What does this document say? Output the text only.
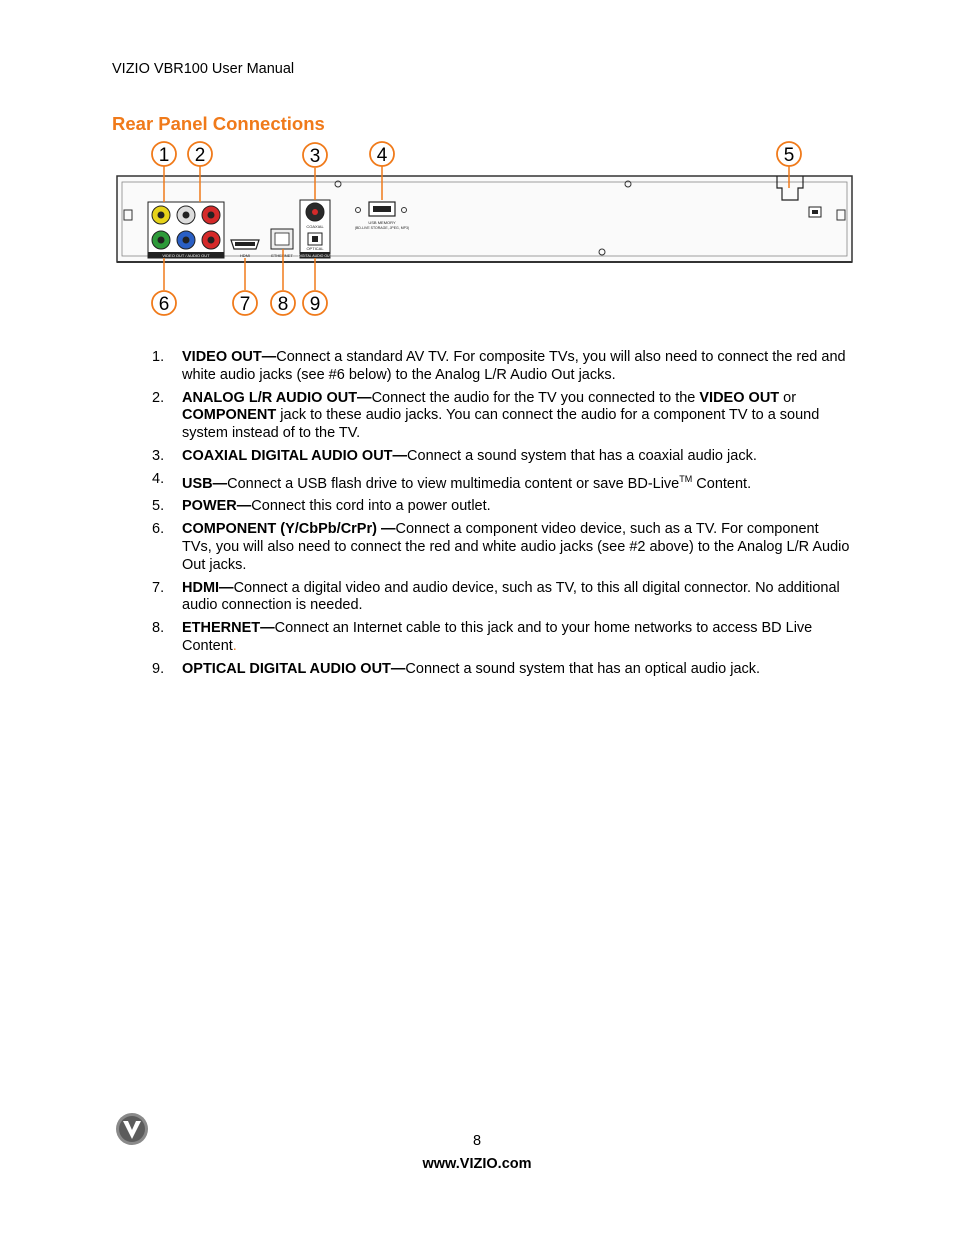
VIZIO VBR100 User Manual
Rear Panel Connections
VIDEO OUT / AUDIO OUT	HDMI	ETHERNET
COAXIAL
OPTICAL
DIGITAL AUDIO OUT
USB MEMORY
(BD-LIVE STORAGE, JPEG, MP3)
1 2	3	4	5
6	7 8 9
1.	VIDEO OUT—Connect a standard AV TV. For composite TVs, you will also need to connect the red and white audio jacks (see #6 below) to the Analog L/R Audio Out jacks.
2.	ANALOG L/R AUDIO OUT—Connect the audio for the TV you connected to the VIDEO OUT or COMPONENT jack to these audio jacks. You can connect the audio for a component TV to a sound system instead of to the TV.
3.	COAXIAL DIGITAL AUDIO OUT—Connect a sound system that has a coaxial audio jack.
4.	USB—Connect a USB flash drive to view multimedia content or save BD-Live™ Content.
5.	POWER—Connect this cord into a power outlet.
6.	COMPONENT (Y/CbPb/CrPr) —Connect a component video device, such as a TV. For component TVs, you will also need to connect the red and white audio jacks (see #2 above) to the Analog L/R Audio Out jacks.
7.	HDMI—Connect a digital video and audio device, such as TV, to this all digital connector. No additional audio connection is needed.
8.	ETHERNET—Connect an Internet cable to this jack and to your home networks to access BD Live Content.
9.	OPTICAL DIGITAL AUDIO OUT—Connect a sound system that has an optical audio jack.
8
www.VIZIO.com
